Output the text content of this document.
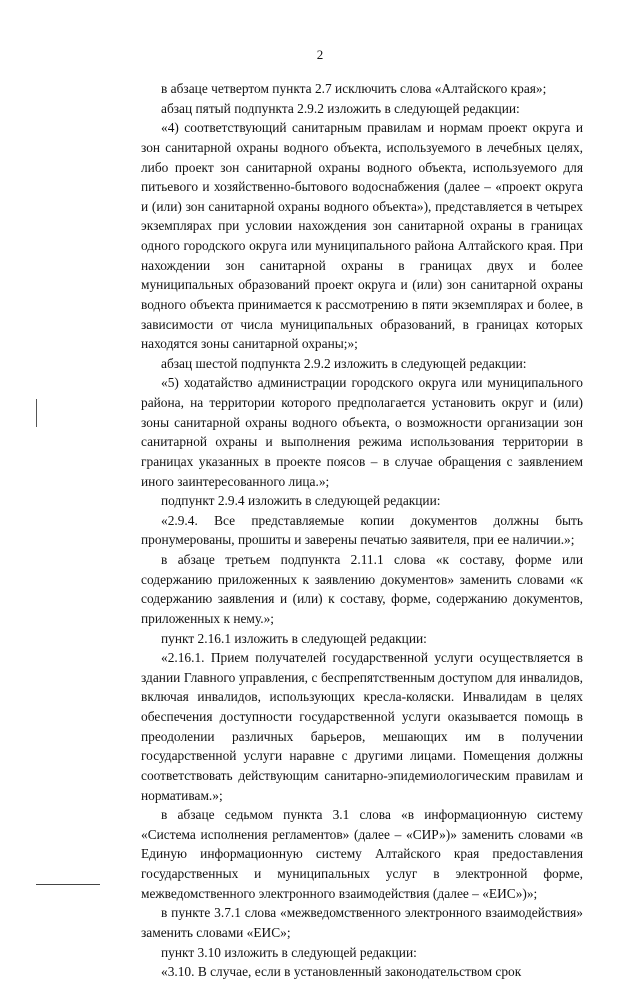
2

в абзаце четвертом пункта 2.7 исключить слова «Алтайского края»;

абзац пятый подпункта 2.9.2 изложить в следующей редакции:

«4) соответствующий санитарным правилам и нормам проект округа и зон санитарной охраны водного объекта, используемого в лечебных целях, либо проект зон санитарной охраны водного объекта, используемого для питьевого и хозяйственно-бытового водоснабжения (далее – «проект округа и (или) зон санитарной охраны водного объекта»), представляется в четырех экземплярах при условии нахождения зон санитарной охраны в границах одного городского округа или муниципального района Алтайского края. При нахождении зон санитарной охраны в границах двух и более муниципальных образований проект округа и (или) зон санитарной охраны водного объекта принимается к рассмотрению в пяти экземплярах и более, в зависимости от числа муниципальных образований, в границах которых находятся зоны санитарной охраны;»;

абзац шестой подпункта 2.9.2 изложить в следующей редакции:

«5) ходатайство администрации городского округа или муниципального района, на территории которого предполагается установить округ и (или) зоны санитарной охраны водного объекта, о возможности организации зон санитарной охраны и выполнения режима использования территории в границах указанных в проекте поясов – в случае обращения с заявлением иного заинтересованного лица.»;

подпункт 2.9.4 изложить в следующей редакции:

«2.9.4. Все представляемые копии документов должны быть пронумерованы, прошиты и заверены печатью заявителя, при ее наличии.»;

в абзаце третьем подпункта 2.11.1 слова «к составу, форме или содержанию приложенных к заявлению документов» заменить словами «к содержанию заявления и (или) к составу, форме, содержанию документов, приложенных к нему.»;

пункт 2.16.1 изложить в следующей редакции:

«2.16.1. Прием получателей государственной услуги осуществляется в здании Главного управления, с беспрепятственным доступом для инвалидов, включая инвалидов, использующих кресла-коляски. Инвалидам в целях обеспечения доступности государственной услуги оказывается помощь в преодолении различных барьеров, мешающих им в получении государственной услуги наравне с другими лицами. Помещения должны соответствовать действующим санитарно-эпидемиологическим правилам и нормативам.»;

в абзаце седьмом пункта 3.1 слова «в информационную систему «Система исполнения регламентов» (далее – «СИР»)» заменить словами «в Единую информационную систему Алтайского края предоставления государственных и муниципальных услуг в электронной форме, межведомственного электронного взаимодействия (далее – «ЕИС»)»;

в пункте 3.7.1 слова «межведомственного электронного взаимодействия» заменить словами «ЕИС»;

пункт 3.10 изложить в следующей редакции:

«3.10. В случае, если в установленный законодательством срок
